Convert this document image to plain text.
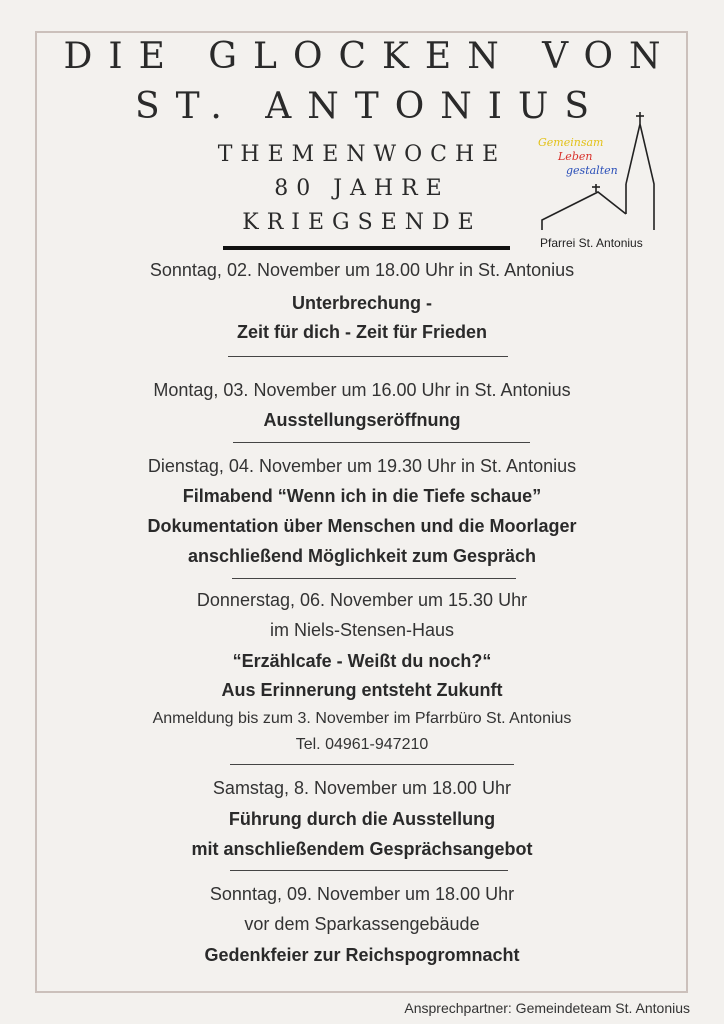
DIE GLOCKEN VON
ST. ANTONIUS
THEMENWOCHE
80 JAHRE
KRIEGSENDE
Gemeinsam
Leben
gestalten
Pfarrei St. Antonius
Sonntag, 02. November um 18.00 Uhr in St. Antonius
Unterbrechung -
Zeit für dich - Zeit für Frieden
Montag, 03. November um 16.00 Uhr in St. Antonius
Ausstellungseröffnung
Dienstag, 04. November um 19.30 Uhr in St. Antonius
Filmabend “Wenn ich in die Tiefe schaue”
Dokumentation über Menschen und die Moorlager
anschließend Möglichkeit zum Gespräch
Donnerstag, 06. November um 15.30 Uhr
im Niels-Stensen-Haus
“Erzählcafe - Weißt du noch?“
Aus Erinnerung entsteht Zukunft
Anmeldung bis zum 3. November im Pfarrbüro St. Antonius
Tel. 04961-947210
Samstag, 8. November um 18.00 Uhr
Führung durch die Ausstellung
mit anschließendem Gesprächsangebot
Sonntag, 09. November um 18.00 Uhr
vor dem Sparkassengebäude
Gedenkfeier zur Reichspogromnacht
Ansprechpartner: Gemeindeteam St. Antonius
